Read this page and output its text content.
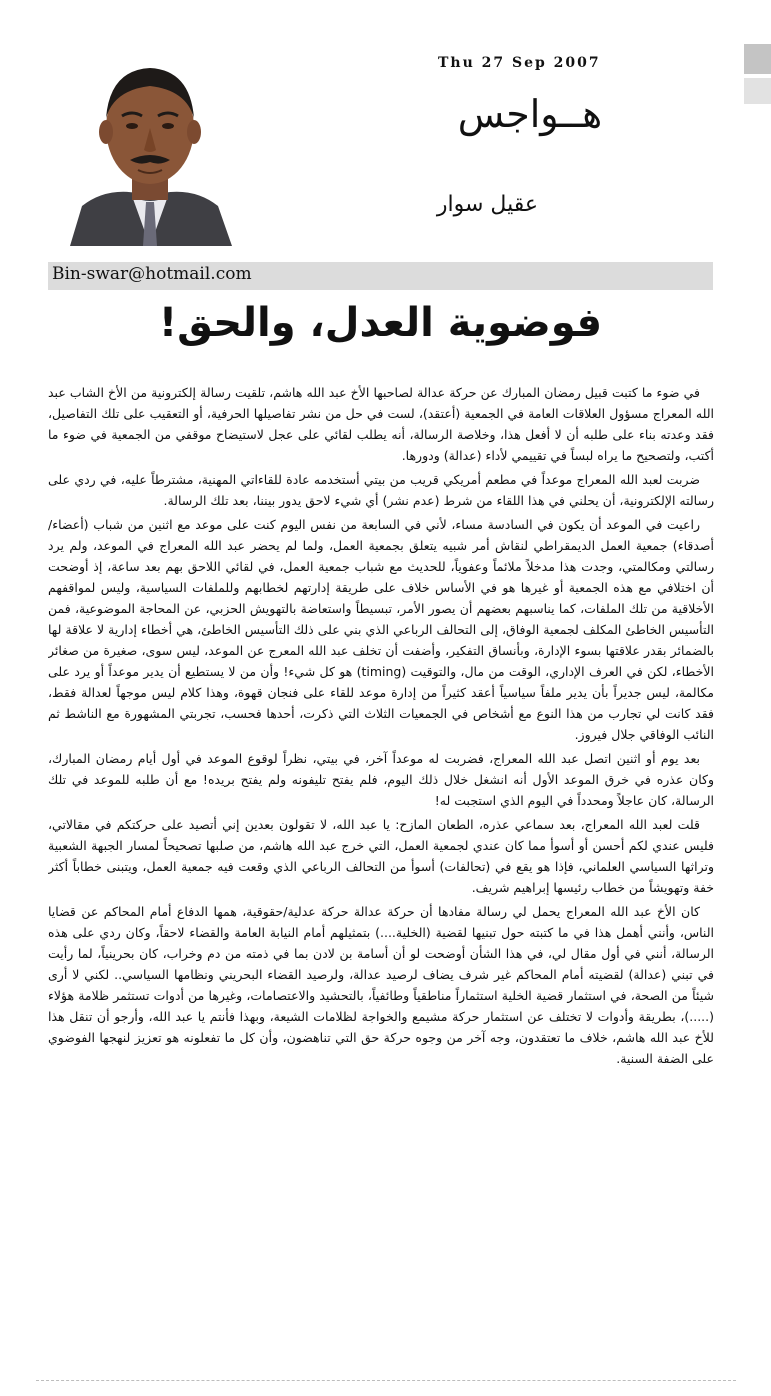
Thu 27 Sep 2007
هــواجس
عقيل سوار
Bin-swar@hotmail.com
فوضوية العدل، والحق!

في ضوء ما كتبت قبيل رمضان المبارك عن حركة عدالة لصاحبها الأخ عبد الله هاشم، تلقيت رسالة إلكترونية من الأخ الشاب عبد الله المعراج مسؤول العلاقات العامة في الجمعية (أعتقد)، لست في حل من نشر تفاصيلها الحرفية، أو التعقيب على تلك التفاصيل، فقد وعدته بناء على طلبه أن لا أفعل هذا، وخلاصة الرسالة، أنه يطلب لقائي على عجل لاستيضاح موقفي من الجمعية في ضوء ما أكتب، ولتصحيح ما يراه لبساً في تقييمي لأداء (عدالة) ودورها.

ضربت لعبد الله المعراج موعداً في مطعم أمريكي قريب من بيتي أستخدمه عادة للقاءاتي المهنية، مشترطاً عليه، في ردي على رسالته الإلكترونية، أن يحلني في هذا اللقاء من شرط (عدم نشر) أي شيء لاحق يدور بيننا، بعد تلك الرسالة.

راعيت في الموعد أن يكون في السادسة مساء، لأني في السابعة من نفس اليوم كنت على موعد مع اثنين من شباب (أعضاء/أصدقاء) جمعية العمل الديمقراطي لنقاش أمر شبيه يتعلق بجمعية العمل، ولما لم يحضر عبد الله المعراج في الموعد، ولم يرد رسالتي ومكالمتي، وجدت هذا مدخلاً ملائماً وعفوياً، للحديث مع شباب جمعية العمل، في لقائي اللاحق بهم بعد ساعة، إذ أوضحت أن اختلافي مع هذه الجمعية أو غيرها هو في الأساس خلاف على طريقة إدارتهم لخطابهم وللملفات السياسية، وليس لمواقفهم الأخلاقية من تلك الملفات، كما يناسبهم بعضهم أن يصور الأمر، تبسيطاً واستعاضة بالتهويش الحزبي، عن المحاجة الموضوعية، فمن التأسيس الخاطئ المكلف لجمعية الوفاق، إلى التحالف الرباعي الذي بني على ذلك التأسيس الخاطئ، هي أخطاء إدارية لا علاقة لها بالضمائر بقدر علاقتها بسوء الإدارة، وبأنساق التفكير، وأضفت أن تخلف عبد الله المعرج عن الموعد، ليس سوى، صغيرة من صغائر الأخطاء، لكن في العرف الإداري، الوقت من مال، والتوقيت (timing) هو كل شيء! وأن من لا يستطيع أن يدير موعداً أو يرد على مكالمة، ليس جديراً بأن يدير ملفاً سياسياً أعقد كثيراً من إدارة موعد للقاء على فنجان قهوة، وهذا كلام ليس موجهاً لعدالة فقط، فقد كانت لي تجارب من هذا النوع مع أشخاص في الجمعيات الثلاث التي ذكرت، أحدها فحسب، تجربتي المشهورة مع الناشط ثم النائب الوفاقي جلال فيروز.

بعد يوم أو اثنين اتصل عبد الله المعراج، فضربت له موعداً آخر، في بيتي، نظراً لوقوع الموعد في أول أيام رمضان المبارك، وكان عذره في خرق الموعد الأول أنه انشغل خلال ذلك اليوم، فلم يفتح تليفونه ولم يفتح بريده! مع أن طلبه للموعد في تلك الرسالة، كان عاجلاً ومحدداً في اليوم الذي استجبت له!

قلت لعبد الله المعراج، بعد سماعي عذره، الطعان المازح: يا عبد الله، لا تقولون بعدين إني أتصيد على حركتكم في مقالاتي، فليس عندي لكم أحسن أو أسوأ مما كان عندي لجمعية العمل، التي خرج عبد الله هاشم، من صلبها تصحيحاً لمسار الجبهة الشعبية وتراثها السياسي العلماني، فإذا هو يقع في (تحالفات) أسوأ من التحالف الرباعي الذي وقعت فيه جمعية العمل، ويتبنى خطاباً أكثر خفة وتهويشاً من خطاب رئيسها إبراهيم شريف.

كان الأخ عبد الله المعراج يحمل لي رسالة مفادها أن حركة عدالة حركة عدلية/حقوقية، همها الدفاع أمام المحاكم عن قضايا الناس، وأنني أهمل هذا في ما كتبته حول تبنيها لقضية (الخلية....) بتمثيلهم أمام النيابة العامة والقضاء لاحقاً، وكان ردي على هذه الرسالة، أنني في أول مقال لي، في هذا الشأن أوضحت لو أن أسامة بن لادن بما في ذمته من دم وخراب، كان بحرينياً، لما رأيت في تبني (عدالة) لقضيته أمام المحاكم غير شرف يضاف لرصيد عدالة، ولرصيد القضاء البحريني ونظامها السياسي.. لكني لا أرى شيئاً من الصحة، في استثمار قضية الخلية استثماراً مناطقياً وطائفياً، بالتحشيد والاعتصامات، وغيرها من أدوات تستثمر ظلامة هؤلاء (.....)، بطريقة وأدوات لا تختلف عن استثمار حركة مشيمع والخواجة لظلامات الشيعة، وبهذا فأنتم يا عبد الله، وأرجو أن تنقل هذا للأخ عبد الله هاشم، خلاف ما تعتقدون، وجه آخر من وجوه حركة حق التي تناهضون، وأن كل ما تفعلونه هو تعزيز لنهجها الفوضوي على الضفة السنية.
